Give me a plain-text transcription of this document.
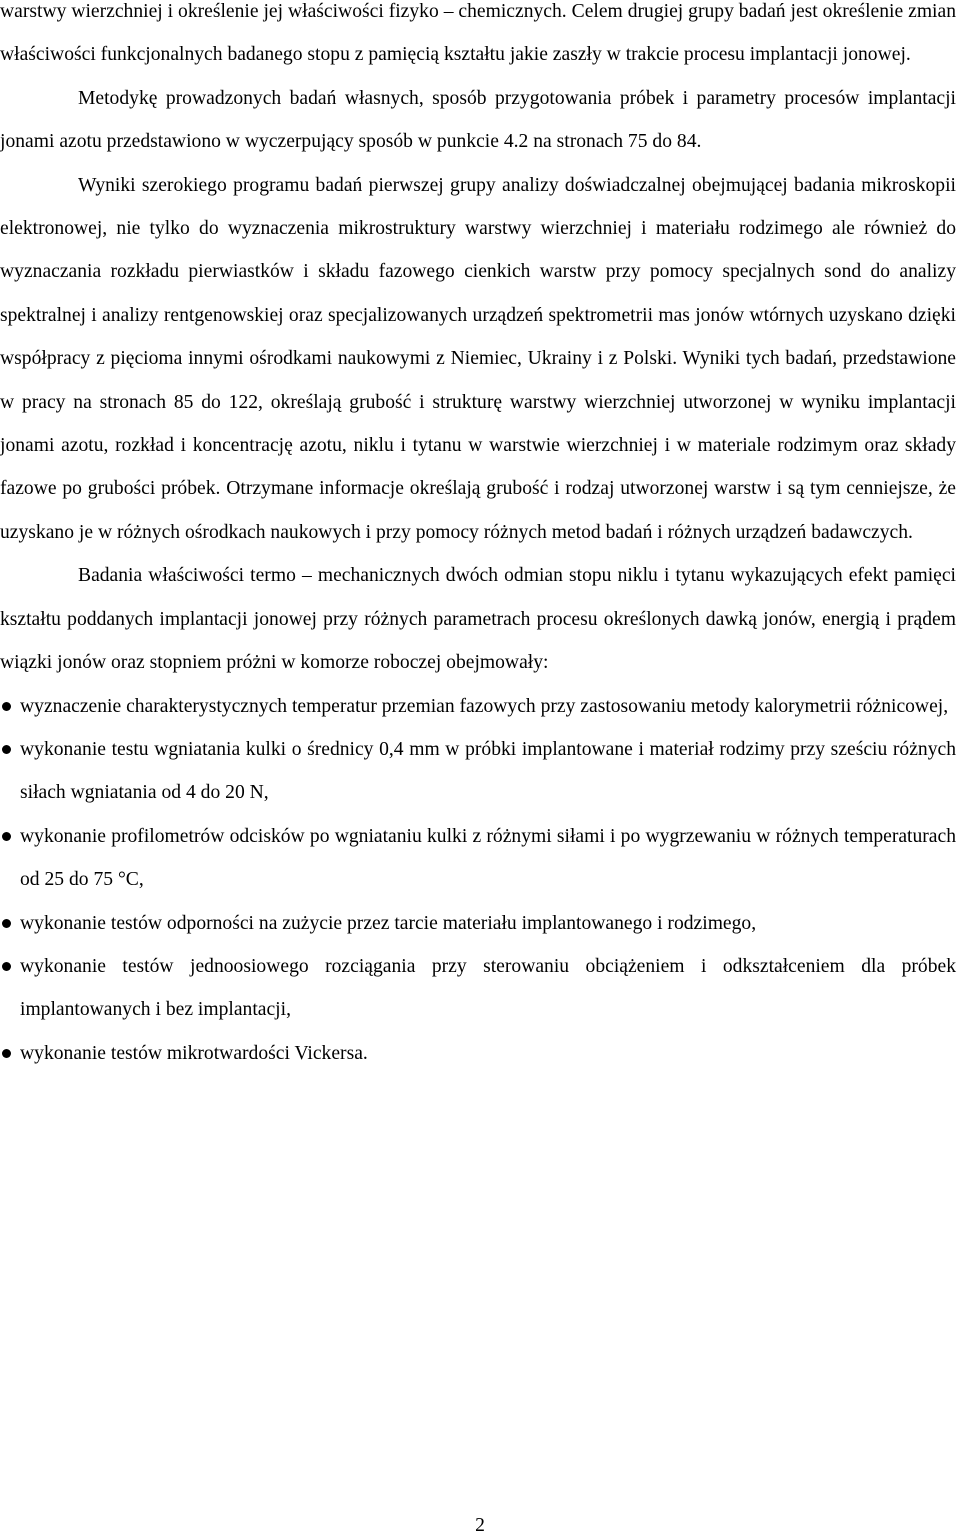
warstwy wierzchniej i określenie jej właściwości fizyko – chemicznych. Celem drugiej grupy badań jest określenie zmian właściwości funkcjonalnych badanego stopu z pamięcią kształtu jakie zaszły w trakcie procesu implantacji jonowej.

Metodykę prowadzonych badań własnych, sposób przygotowania próbek i parametry procesów implantacji jonami azotu przedstawiono w wyczerpujący sposób w punkcie 4.2 na stronach 75 do 84.

Wyniki szerokiego programu badań pierwszej grupy analizy doświadczalnej obejmującej badania mikroskopii elektronowej, nie tylko do wyznaczenia mikrostruktury warstwy wierzchniej i materiału rodzimego ale również do wyznaczania rozkładu pierwiastków i składu fazowego cienkich warstw przy pomocy specjalnych sond do analizy spektralnej i analizy rentgenowskiej oraz specjalizowanych urządzeń spektrometrii mas jonów wtórnych uzyskano dzięki współpracy z pięcioma innymi ośrodkami naukowymi z Niemiec, Ukrainy i z Polski. Wyniki tych badań, przedstawione w pracy na stronach 85 do 122, określają grubość i strukturę warstwy wierzchniej utworzonej w wyniku implantacji jonami azotu, rozkład i koncentrację azotu, niklu i tytanu w warstwie wierzchniej i w materiale rodzimym oraz składy fazowe po grubości próbek. Otrzymane informacje określają grubość i rodzaj utworzonej warstw i są tym cenniejsze, że uzyskano je w różnych ośrodkach naukowych i przy pomocy różnych metod badań i różnych urządzeń badawczych.

Badania właściwości termo – mechanicznych dwóch odmian stopu niklu i tytanu wykazujących efekt pamięci kształtu poddanych implantacji jonowej przy różnych parametrach procesu określonych dawką jonów, energią i prądem wiązki jonów oraz stopniem próżni w komorze roboczej obejmowały:

wyznaczenie charakterystycznych temperatur przemian fazowych przy zastosowaniu metody kalorymetrii różnicowej,
wykonanie testu wgniatania kulki o średnicy 0,4 mm w próbki implantowane i materiał rodzimy przy sześciu różnych siłach wgniatania od 4 do 20 N,
wykonanie profilometrów odcisków po wgniataniu kulki z różnymi siłami i po wygrzewaniu w różnych temperaturach od 25 do 75 °C,
wykonanie testów odporności na zużycie przez tarcie materiału implantowanego i rodzimego,
wykonanie testów jednoosiowego rozciągania przy sterowaniu obciążeniem i odkształceniem dla próbek implantowanych i bez implantacji,
wykonanie testów mikrotwardości Vickersa.
2
